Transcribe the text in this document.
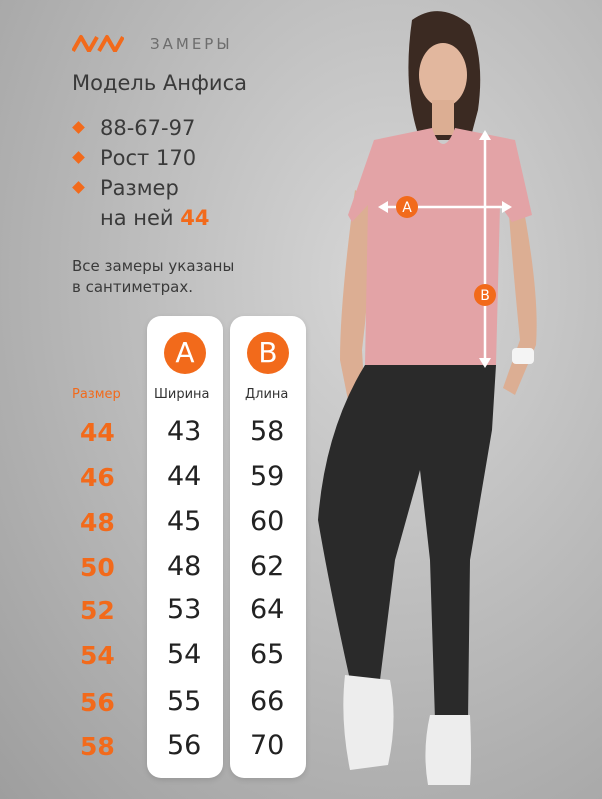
ЗАМЕРЫ
Модель Анфиса
88-67-97
Рост 170
Размер
на ней 44
Все замеры указаны
в сантиметрах.
Размер
A
Ширина
B
Длина
44 43 58
46 44 59
48 45 60
50 48 62
52 53 64
54 54 65
56 55 66
58 56 70
A
B
